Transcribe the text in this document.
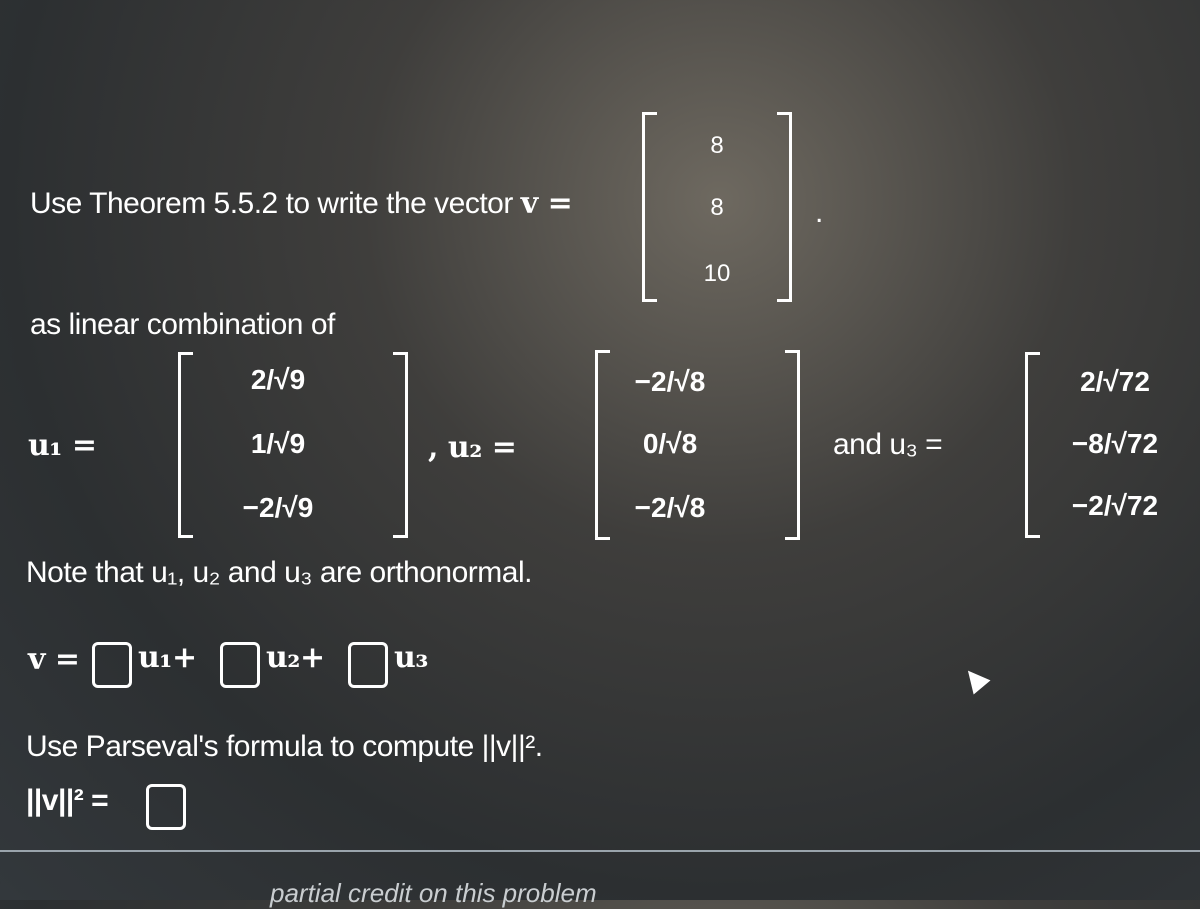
Use Theorem 5.5.2 to write the vector v =
8
8
10
.
as linear combination of
u₁ =
2/√9
1/√9
−2/√9
, u₂ =
−2/√8
0/√8
−2/√8
and u₃ =
2/√72
−8/√72
−2/√72
Note that u₁, u₂ and u₃ are orthonormal.
v = u₁+ u₂+ u₃
Use Parseval's formula to compute ||v||².
||v||² =
partial credit on this problem
